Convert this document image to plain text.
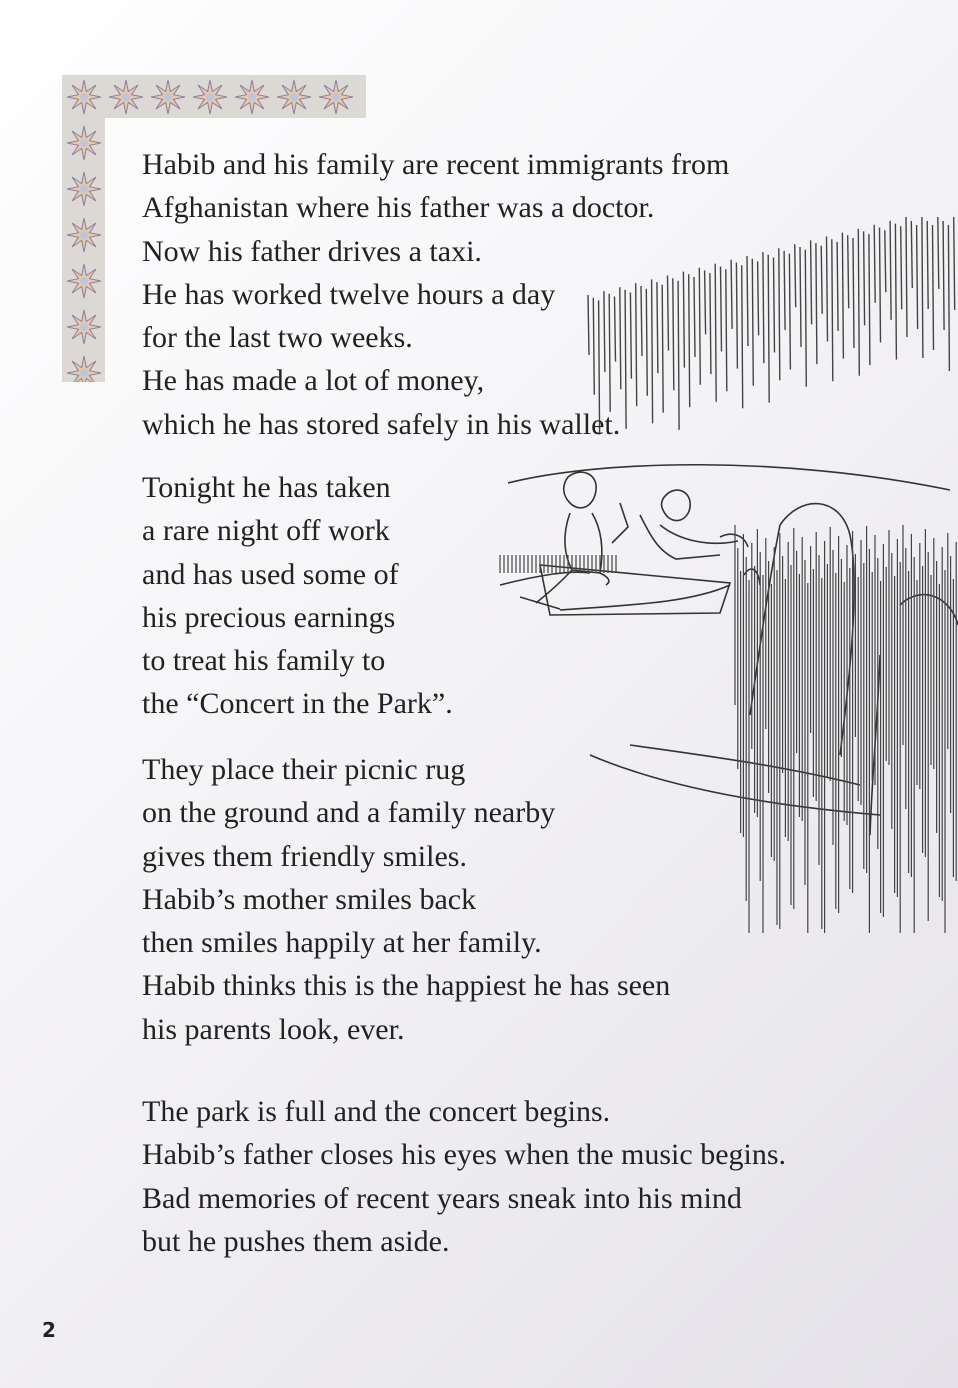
Habib and his family are recent immigrants from
Afghanistan where his father was a doctor.
Now his father drives a taxi.
He has worked twelve hours a day
for the last two weeks.
He has made a lot of money,
which he has stored safely in his wallet.
Tonight he has taken
a rare night off work
and has used some of
his precious earnings
to treat his family to
the “Concert in the Park”.
They place their picnic rug
on the ground and a family nearby
gives them friendly smiles.
Habib’s mother smiles back
then smiles happily at her family.
Habib thinks this is the happiest he has seen
his parents look, ever.
The park is full and the concert begins.
Habib’s father closes his eyes when the music begins.
Bad memories of recent years sneak into his mind
but he pushes them aside.
2
